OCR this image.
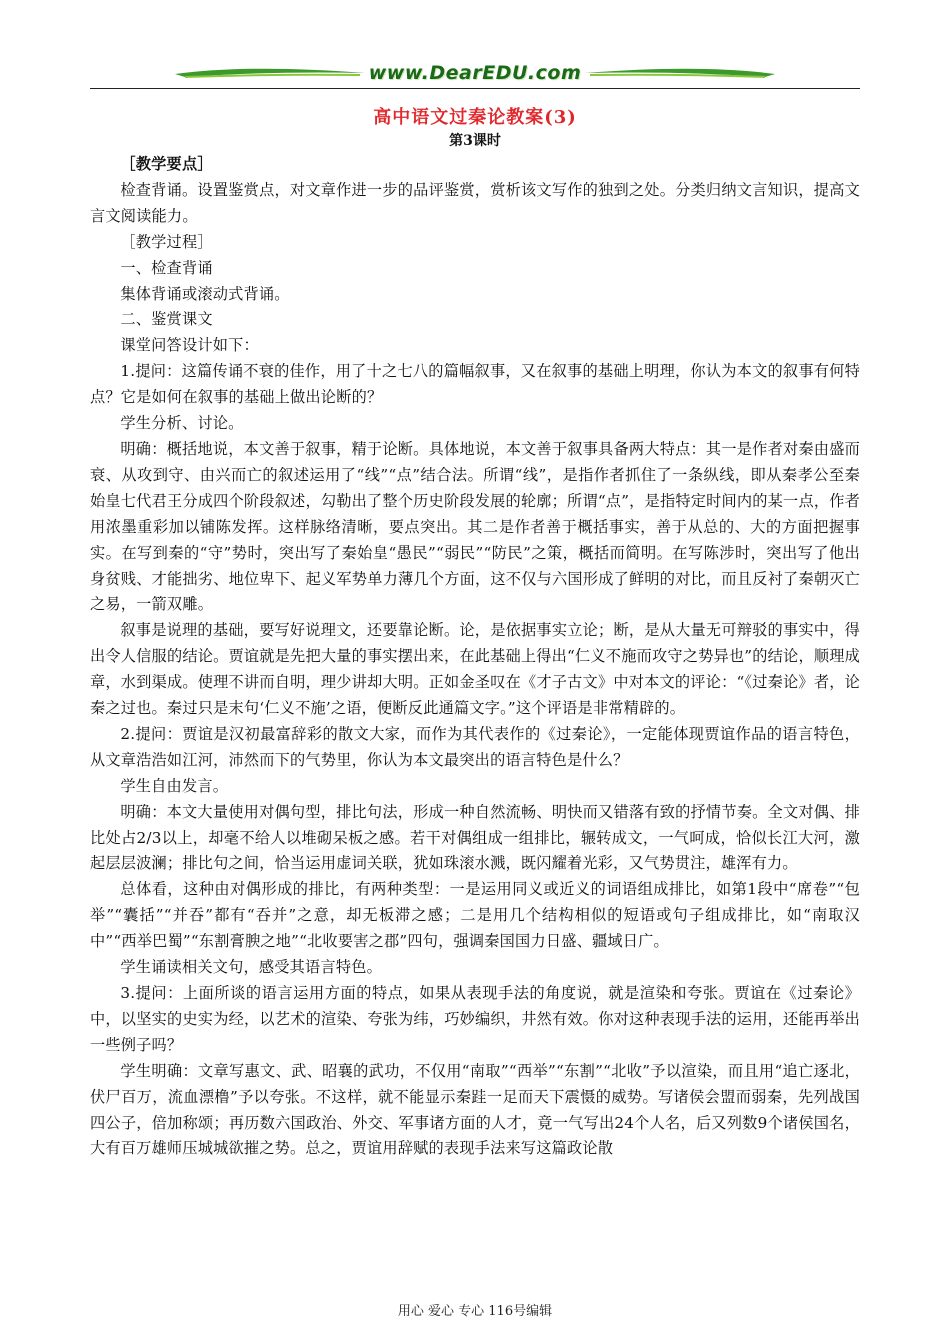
www.DearEDU.com
高中语文过秦论教案(3)
第3课时

［教学要点］

检查背诵。设置鉴赏点，对文章作进一步的品评鉴赏，赏析该文写作的独到之处。分类归纳文言知识，提高文言文阅读能力。

［教学过程］

一、检查背诵

集体背诵或滚动式背诵。

二、鉴赏课文

课堂问答设计如下：

1.提问：这篇传诵不衰的佳作，用了十之七八的篇幅叙事，又在叙事的基础上明理，你认为本文的叙事有何特点？它是如何在叙事的基础上做出论断的？

学生分析、讨论。

明确：概括地说，本文善于叙事，精于论断。具体地说，本文善于叙事具备两大特点：其一是作者对秦由盛而衰、从攻到守、由兴而亡的叙述运用了“线”“点”结合法。所谓“线”，是指作者抓住了一条纵线，即从秦孝公至秦始皇七代君王分成四个阶段叙述，勾勒出了整个历史阶段发展的轮廓；所谓“点”，是指特定时间内的某一点，作者用浓墨重彩加以铺陈发挥。这样脉络清晰，要点突出。其二是作者善于概括事实，善于从总的、大的方面把握事实。在写到秦的“守”势时，突出写了秦始皇“愚民”“弱民”“防民”之策，概括而简明。在写陈涉时，突出写了他出身贫贱、才能拙劣、地位卑下、起义军势单力薄几个方面，这不仅与六国形成了鲜明的对比，而且反衬了秦朝灭亡之易，一箭双雕。

叙事是说理的基础，要写好说理文，还要靠论断。论，是依据事实立论；断，是从大量无可辩驳的事实中，得出令人信服的结论。贾谊就是先把大量的事实摆出来，在此基础上得出“仁义不施而攻守之势异也”的结论，顺理成章，水到渠成。使理不讲而自明，理少讲却大明。正如金圣叹在《才子古文》中对本文的评论：“《过秦论》者，论秦之过也。秦过只是末句‘仁义不施’之语，便断反此通篇文字。”这个评语是非常精辟的。

2.提问：贾谊是汉初最富辞彩的散文大家，而作为其代表作的《过秦论》，一定能体现贾谊作品的语言特色，从文章浩浩如江河，沛然而下的气势里，你认为本文最突出的语言特色是什么？

学生自由发言。

明确：本文大量使用对偶句型，排比句法，形成一种自然流畅、明快而又错落有致的抒情节奏。全文对偶、排比处占2/3以上，却毫不给人以堆砌呆板之感。若干对偶组成一组排比，辗转成文，一气呵成，恰似长江大河，激起层层波澜；排比句之间，恰当运用虚词关联，犹如珠滚水溅，既闪耀着光彩，又气势贯注，雄浑有力。

总体看，这种由对偶形成的排比，有两种类型：一是运用同义或近义的词语组成排比，如第1段中“席卷”“包举”“囊括”“并吞”都有“吞并”之意，却无板滞之感；二是用几个结构相似的短语或句子组成排比，如“南取汉中”“西举巴蜀”“东割膏腴之地”“北收要害之郡”四句，强调秦国国力日盛、疆域日广。

学生诵读相关文句，感受其语言特色。

3.提问：上面所谈的语言运用方面的特点，如果从表现手法的角度说，就是渲染和夸张。贾谊在《过秦论》中，以坚实的史实为经，以艺术的渲染、夸张为纬，巧妙编织，井然有效。你对这种表现手法的运用，还能再举出一些例子吗？

学生明确：文章写惠文、武、昭襄的武功，不仅用“南取”“西举”“东割”“北收”予以渲染，而且用“追亡逐北，伏尸百万，流血漂橹”予以夸张。不这样，就不能显示秦跬一足而天下震慑的威势。写诸侯会盟而弱秦，先列战国四公子，倍加称颂；再历数六国政治、外交、军事诸方面的人才，竟一气写出24个人名，后又列数9个诸侯国名，大有百万雄师压城城欲摧之势。总之，贾谊用辞赋的表现手法来写这篇政论散

用心 爱心 专心 116号编辑
